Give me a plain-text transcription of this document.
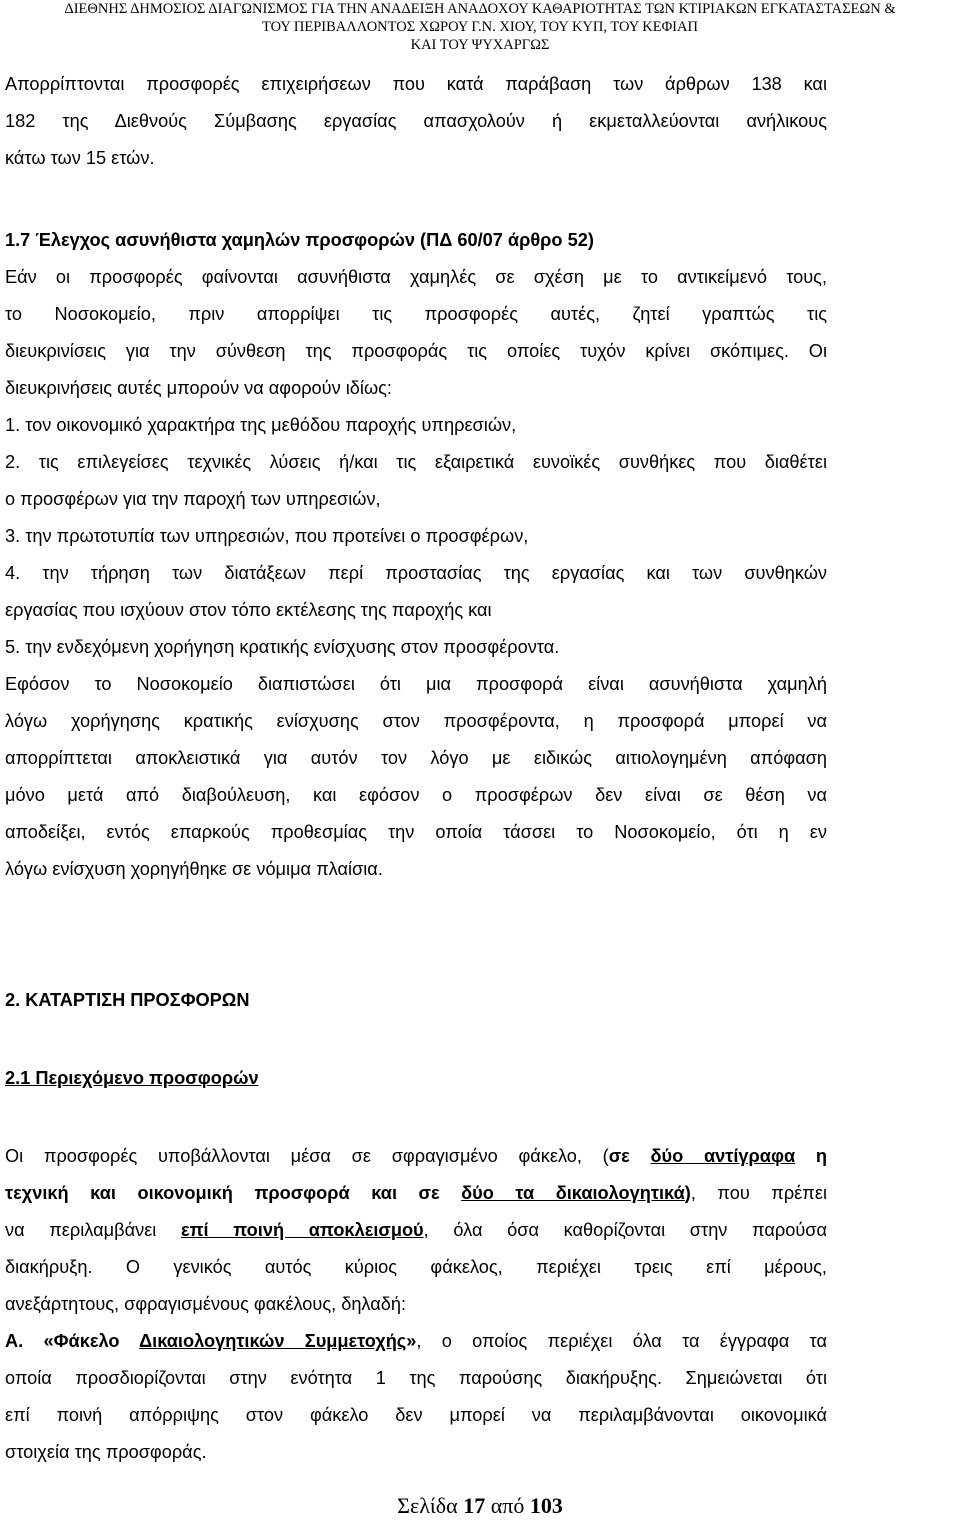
ΔΙΕΘΝΗΣ ΔΗΜΟΣΙΟΣ ΔΙΑΓΩΝΙΣΜΟΣ ΓΙΑ ΤΗΝ ΑΝΑΔΕΙΞΗ ΑΝΑΔΟΧΟΥ ΚΑΘΑΡΙΟΤΗΤΑΣ ΤΩΝ ΚΤΙΡΙΑΚΩΝ ΕΓΚΑΤΑΣΤΑΣΕΩΝ &
ΤΟΥ ΠΕΡΙΒΑΛΛΟΝΤΟΣ ΧΩΡΟΥ Γ.Ν. ΧΙΟΥ, ΤΟΥ ΚΥΠ, ΤΟΥ ΚΕΦΙΑΠ
ΚΑΙ ΤΟΥ ΨΥΧΑΡΓΩΣ
Απορρίπτονται προσφορές επιχειρήσεων που κατά παράβαση των άρθρων 138 και
182 της Διεθνούς Σύμβασης εργασίας απασχολούν ή εκμεταλλεύονται ανήλικους
κάτω των 15 ετών.
1.7 Έλεγχος ασυνήθιστα χαμηλών προσφορών (ΠΔ 60/07 άρθρο 52)
Εάν οι προσφορές φαίνονται ασυνήθιστα χαμηλές σε σχέση με το αντικείμενό τους,
το Νοσοκομείο, πριν απορρίψει τις προσφορές αυτές, ζητεί γραπτώς τις
διευκρινίσεις για την σύνθεση της προσφοράς τις οποίες τυχόν κρίνει σκόπιμες. Οι
διευκρινήσεις αυτές μπορούν να αφορούν ιδίως:
1. τον οικονομικό χαρακτήρα της μεθόδου παροχής υπηρεσιών,
2. τις επιλεγείσες τεχνικές λύσεις ή/και τις εξαιρετικά ευνοϊκές συνθήκες που διαθέτει
ο προσφέρων για την παροχή των υπηρεσιών,
3. την πρωτοτυπία των υπηρεσιών, που προτείνει ο προσφέρων,
4. την τήρηση των διατάξεων περί προστασίας της εργασίας και των συνθηκών
εργασίας που ισχύουν στον τόπο εκτέλεσης της παροχής και
5. την ενδεχόμενη χορήγηση κρατικής ενίσχυσης στον προσφέροντα.
Εφόσον το Νοσοκομείο διαπιστώσει ότι μια προσφορά είναι ασυνήθιστα χαμηλή
λόγω χορήγησης κρατικής ενίσχυσης στον προσφέροντα, η προσφορά μπορεί να
απορρίπτεται αποκλειστικά για αυτόν τον λόγο με ειδικώς αιτιολογημένη απόφαση
μόνο μετά από διαβούλευση, και εφόσον ο προσφέρων δεν είναι σε θέση να
αποδείξει, εντός επαρκούς προθεσμίας την οποία τάσσει το Νοσοκομείο, ότι η εν
λόγω ενίσχυση χορηγήθηκε σε νόμιμα πλαίσια.
2. ΚΑΤΑΡΤΙΣΗ ΠΡΟΣΦΟΡΩΝ
2.1 Περιεχόμενο προσφορών
Οι προσφορές υποβάλλονται μέσα σε σφραγισμένο φάκελο, (σε δύο αντίγραφα η
τεχνική και οικονομική προσφορά και σε δύο τα δικαιολογητικά), που πρέπει
να περιλαμβάνει επί ποινή αποκλεισμού, όλα όσα καθορίζονται στην παρούσα
διακήρυξη. Ο γενικός αυτός κύριος φάκελος, περιέχει τρεις επί μέρους,
ανεξάρτητους, σφραγισμένους φακέλους, δηλαδή:
Α. «Φάκελο Δικαιολογητικών Συμμετοχής», ο οποίος περιέχει όλα τα έγγραφα τα
οποία προσδιορίζονται στην ενότητα 1 της παρούσης διακήρυξης. Σημειώνεται ότι
επί ποινή απόρριψης στον φάκελο δεν μπορεί να περιλαμβάνονται οικονομικά
στοιχεία της προσφοράς.
Σελίδα 17 από 103
